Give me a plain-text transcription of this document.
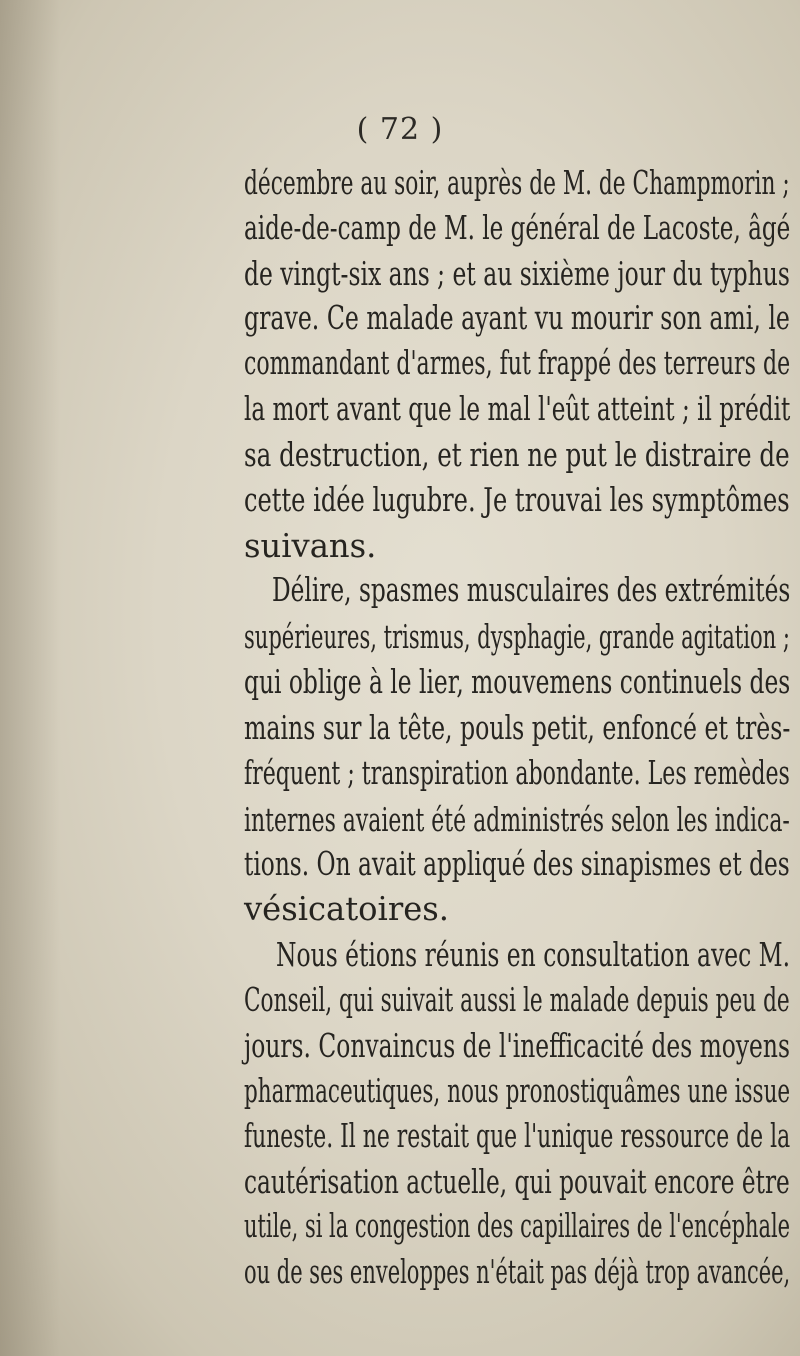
( 72 )
décembre au soir, auprès de M. de Champmorin ;
aide-de-camp de M. le général de Lacoste, âgé
de vingt-six ans ; et au sixième jour du typhus
grave. Ce malade ayant vu mourir son ami, le
commandant d'armes, fut frappé des terreurs de
la mort avant que le mal l'eût atteint ; il prédit
sa destruction, et rien ne put le distraire de
cette idée lugubre. Je trouvai les symptômes
suivans.
Délire, spasmes musculaires des extrémités
supérieures, trismus, dysphagie, grande agitation ;
qui oblige à le lier, mouvemens continuels des
mains sur la tête, pouls petit, enfoncé et très-
fréquent ; transpiration abondante. Les remèdes
internes avaient été administrés selon les indica-
tions. On avait appliqué des sinapismes et des
vésicatoires.
Nous étions réunis en consultation avec M.
Conseil, qui suivait aussi le malade depuis peu de
jours. Convaincus de l'inefficacité des moyens
pharmaceutiques, nous pronostiquâmes une issue
funeste. Il ne restait que l'unique ressource de la
cautérisation actuelle, qui pouvait encore être
utile, si la congestion des capillaires de l'encéphale
ou de ses enveloppes n'était pas déjà trop avancée,
